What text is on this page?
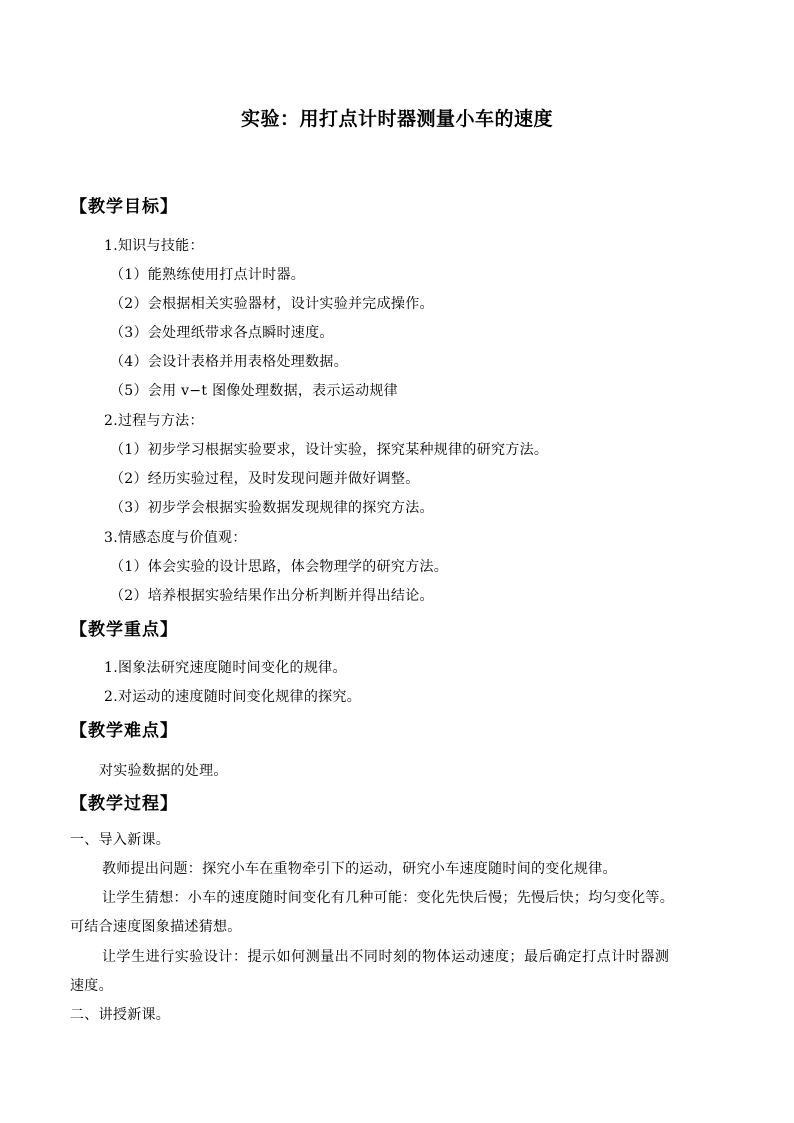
实验：用打点计时器测量小车的速度
【教学目标】
1.知识与技能：
（1）能熟练使用打点计时器。
（2）会根据相关实验器材，设计实验并完成操作。
（3）会处理纸带求各点瞬时速度。
（4）会设计表格并用表格处理数据。
（5）会用 v−t 图像处理数据，表示运动规律
2.过程与方法：
（1）初步学习根据实验要求，设计实验，探究某种规律的研究方法。
（2）经历实验过程，及时发现问题并做好调整。
（3）初步学会根据实验数据发现规律的探究方法。
3.情感态度与价值观：
（1）体会实验的设计思路，体会物理学的研究方法。
（2）培养根据实验结果作出分析判断并得出结论。
【教学重点】
1.图象法研究速度随时间变化的规律。
2.对运动的速度随时间变化规律的探究。
【教学难点】
对实验数据的处理。
【教学过程】
一、导入新课。
教师提出问题：探究小车在重物牵引下的运动，研究小车速度随时间的变化规律。
让学生猜想：小车的速度随时间变化有几种可能：变化先快后慢；先慢后快；均匀变化等。
可结合速度图象描述猜想。
让学生进行实验设计：提示如何测量出不同时刻的物体运动速度；最后确定打点计时器测
速度。
二、讲授新课。
